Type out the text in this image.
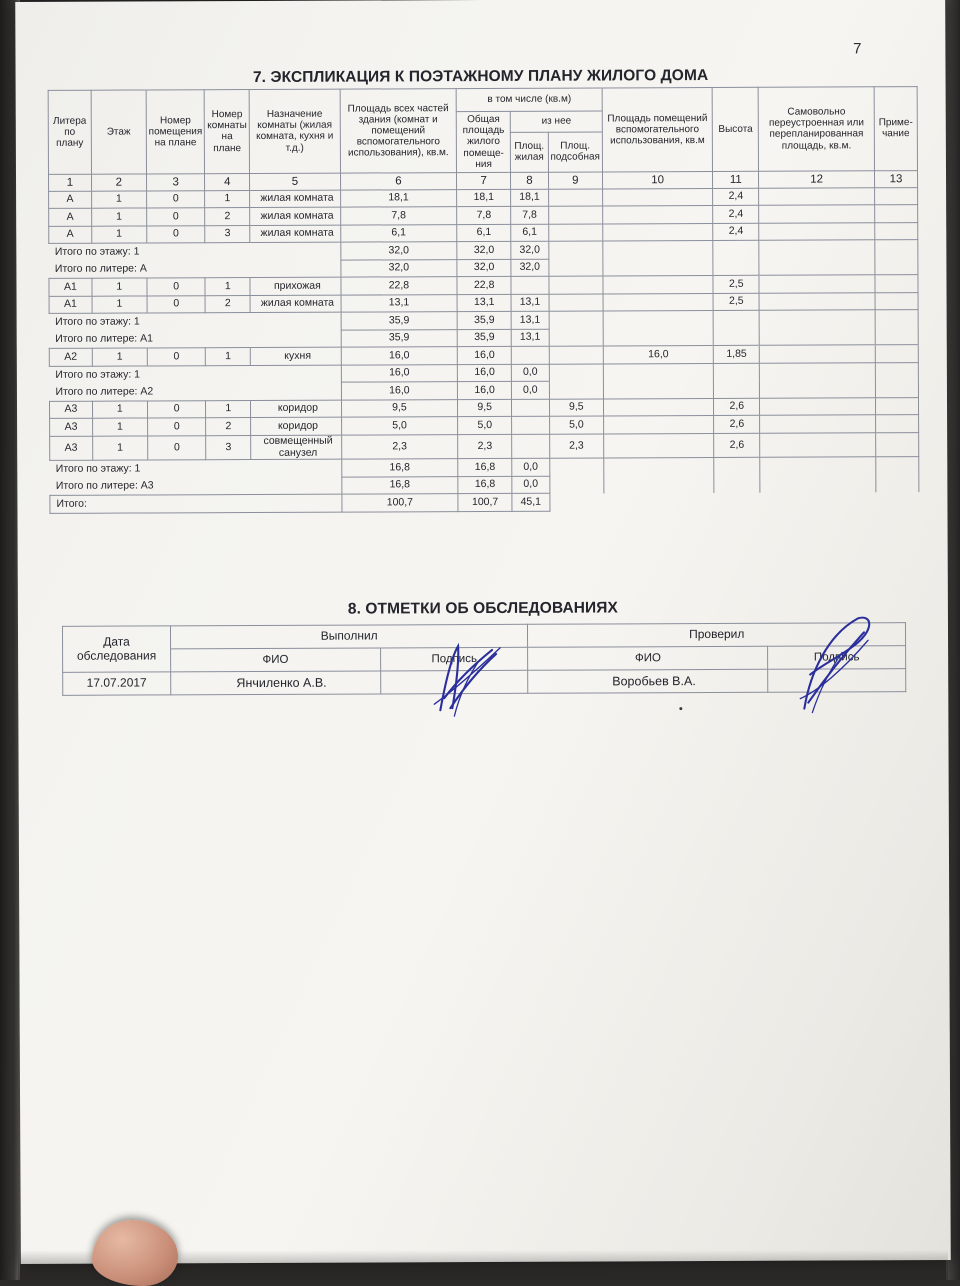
7
7. ЭКСПЛИКАЦИЯ К ПОЭТАЖНОМУ ПЛАНУ ЖИЛОГО ДОМА
Литера по плану	Этаж	Номер помещения на плане	Номер комнаты на плане	Назначение комнаты (жилая комната, кухня и т.д.)	Площадь всех частей здания (комнат и помещений вспомогательного использования), кв.м.	в том числе (кв.м)			Площадь помещений вспомогательного использования, кв.м	Высота	Самовольно переустроенная или перепланированная площадь, кв.м.	Приме-чание
						Общая площадь жилого помеще-ния	из нее					
							Площ. жилая	Площ. подсобная				
1	2	3	4	5	6	7	8	9	10	11	12	13
А	1	0	1	жилая комната	18,1	18,1	18,1			2,4		
А	1	0	2	жилая комната	7,8	7,8	7,8			2,4		
А	1	0	3	жилая комната	6,1	6,1	6,1			2,4		
Итого по этажу: 1					32,0	32,0	32,0					
Итого по литере: А					32,0	32,0	32,0					
А1	1	0	1	прихожая	22,8	22,8				2,5		
А1	1	0	2	жилая комната	13,1	13,1	13,1			2,5		
Итого по этажу: 1					35,9	35,9	13,1					
Итого по литере: А1					35,9	35,9	13,1					
А2	1	0	1	кухня	16,0	16,0			16,0	1,85		
Итого по этажу: 1					16,0	16,0	0,0					
Итого по литере: А2					16,0	16,0	0,0					
А3	1	0	1	коридор	9,5	9,5		9,5		2,6		
А3	1	0	2	коридор	5,0	5,0		5,0		2,6		
А3	1	0	3	совмещенный
санузел	2,3	2,3		2,3		2,6		
Итого по этажу: 1					16,8	16,8	0,0					
Итого по литере: А3					16,8	16,8	0,0					
Итого:					100,7	100,7	45,1					
8. ОТМЕТКИ ОБ ОБСЛЕДОВАНИЯХ
Дата обследования	Выполнил		Проверил	
	ФИО	Подпись	ФИО	Подпись
17.07.2017	Янчиленко А.В.		Воробьев В.А.	
